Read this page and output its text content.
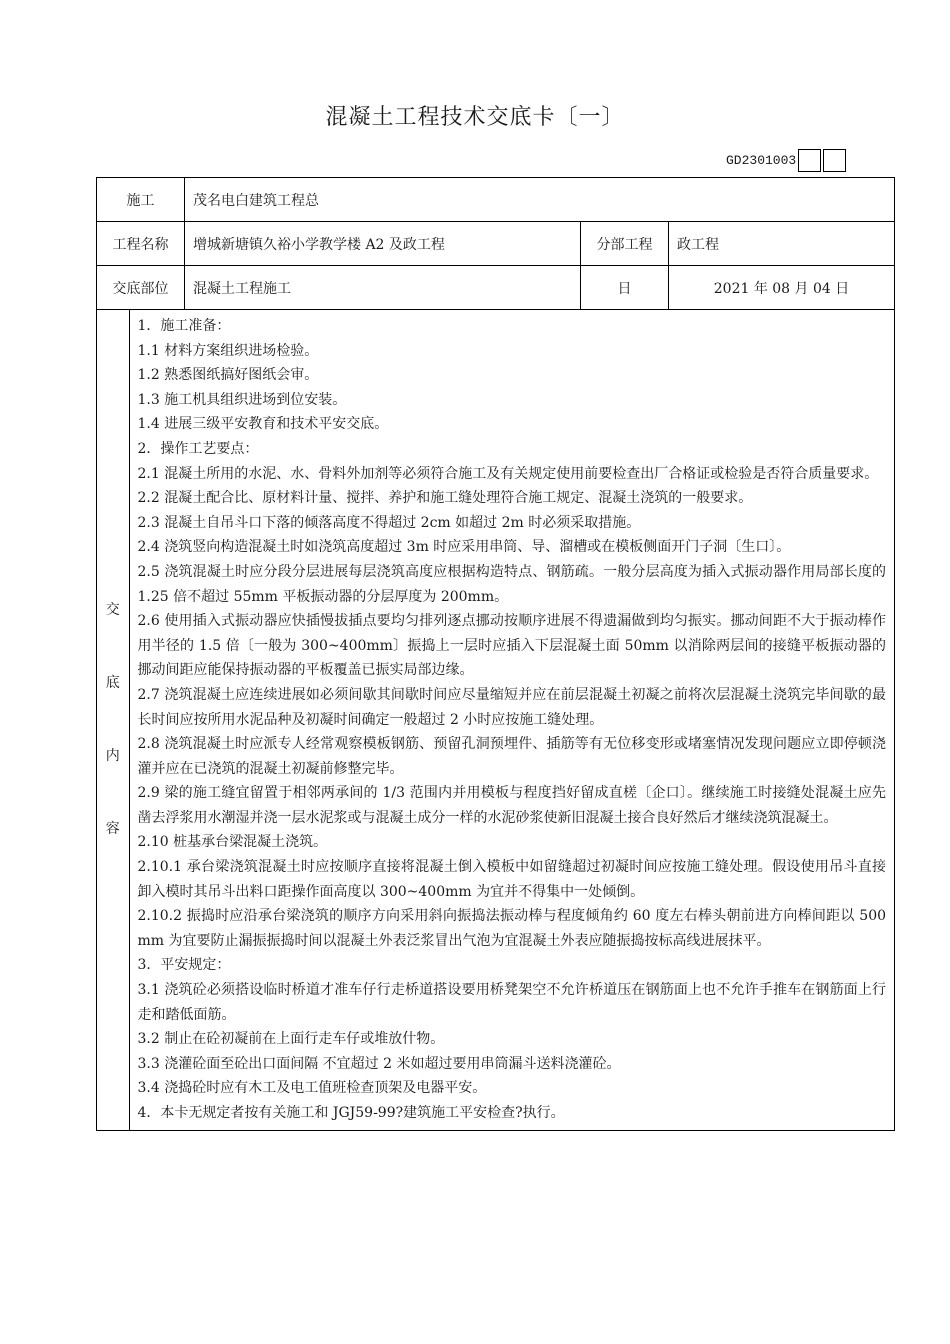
混凝土工程技术交底卡〔一〕
GD2301003
施工	茂名电白建筑工程总
工程名称	增城新塘镇久裕小学教学楼 A2 及政工程	分部工程	政工程
交底部位	混凝土工程施工	日	2021 年 08 月 04 日

交
底
内
容

1．施工准备：

1.1 材料方案组织进场检验。

1.2 熟悉图纸搞好图纸会审。

1.3 施工机具组织进场到位安装。

1.4 进展三级平安教育和技术平安交底。

2．操作工艺要点：

2.1 混凝土所用的水泥、水、骨料外加剂等必须符合施工及有关规定使用前要检查出厂合格证或检验是否符合质量要求。

2.2 混凝土配合比、原材料计量、搅拌、养护和施工缝处理符合施工规定、混凝土浇筑的一般要求。

2.3 混凝土自吊斗口下落的倾落高度不得超过 2cm 如超过 2m 时必须采取措施。

2.4 浇筑竖向构造混凝土时如浇筑高度超过 3m 时应采用串筒、导、溜槽或在模板侧面开门子洞〔生口〕。

2.5 浇筑混凝土时应分段分层进展每层浇筑高度应根据构造特点、钢筋疏。一般分层高度为插入式振动器作用局部长度的 1.25 倍不超过 55mm 平板振动器的分层厚度为 200mm。

2.6 使用插入式振动器应快插慢拔插点要均匀排列逐点挪动按顺序进展不得遗漏做到均匀振实。挪动间距不大于振动棒作用半径的 1.5 倍〔一般为 300~400mm〕振捣上一层时应插入下层混凝土面 50mm 以消除两层间的接缝平板振动器的挪动间距应能保持振动器的平板覆盖已振实局部边缘。

2.7 浇筑混凝土应连续进展如必须间歇其间歇时间应尽量缩短并应在前层混凝土初凝之前将次层混凝土浇筑完毕间歇的最长时间应按所用水泥品种及初凝时间确定一般超过 2 小时应按施工缝处理。

2.8 浇筑混凝土时应派专人经常观察模板钢筋、预留孔洞预埋件、插筋等有无位移变形或堵塞情况发现问题应立即停顿浇灌并应在已浇筑的混凝土初凝前修整完毕。

2.9 梁的施工缝宜留置于相邻两承间的 1/3 范围内并用模板与程度挡好留成直槎〔企口〕。继续施工时接缝处混凝土应先凿去浮浆用水潮湿并浇一层水泥浆或与混凝土成分一样的水泥砂浆使新旧混凝土接合良好然后才继续浇筑混凝土。

2.10 桩基承台梁混凝土浇筑。

2.10.1 承台梁浇筑混凝土时应按顺序直接将混凝土倒入模板中如留缝超过初凝时间应按施工缝处理。假设使用吊斗直接卸入模时其吊斗出料口距操作面高度以 300~400mm 为宜并不得集中一处倾倒。

2.10.2 振捣时应沿承台梁浇筑的顺序方向采用斜向振捣法振动棒与程度倾角约 60 度左右棒头朝前进方向棒间距以 500 mm 为宜要防止漏振振捣时间以混凝土外表泛浆冒出气泡为宜混凝土外表应随振捣按标高线进展抹平。

3．平安规定：

3.1 浇筑砼必须搭设临时桥道才准车仔行走桥道搭设要用桥凳架空不允许桥道压在钢筋面上也不允许手推车在钢筋面上行走和踏低面筋。

3.2 制止在砼初凝前在上面行走车仔或堆放什物。

3.3 浇灌砼面至砼出口面间隔 不宜超过 2 米如超过要用串筒漏斗送料浇灌砼。

3.4 浇捣砼时应有木工及电工值班检查顶架及电器平安。

4．本卡无规定者按有关施工和 JGJ59-99?建筑施工平安检查?执行。
